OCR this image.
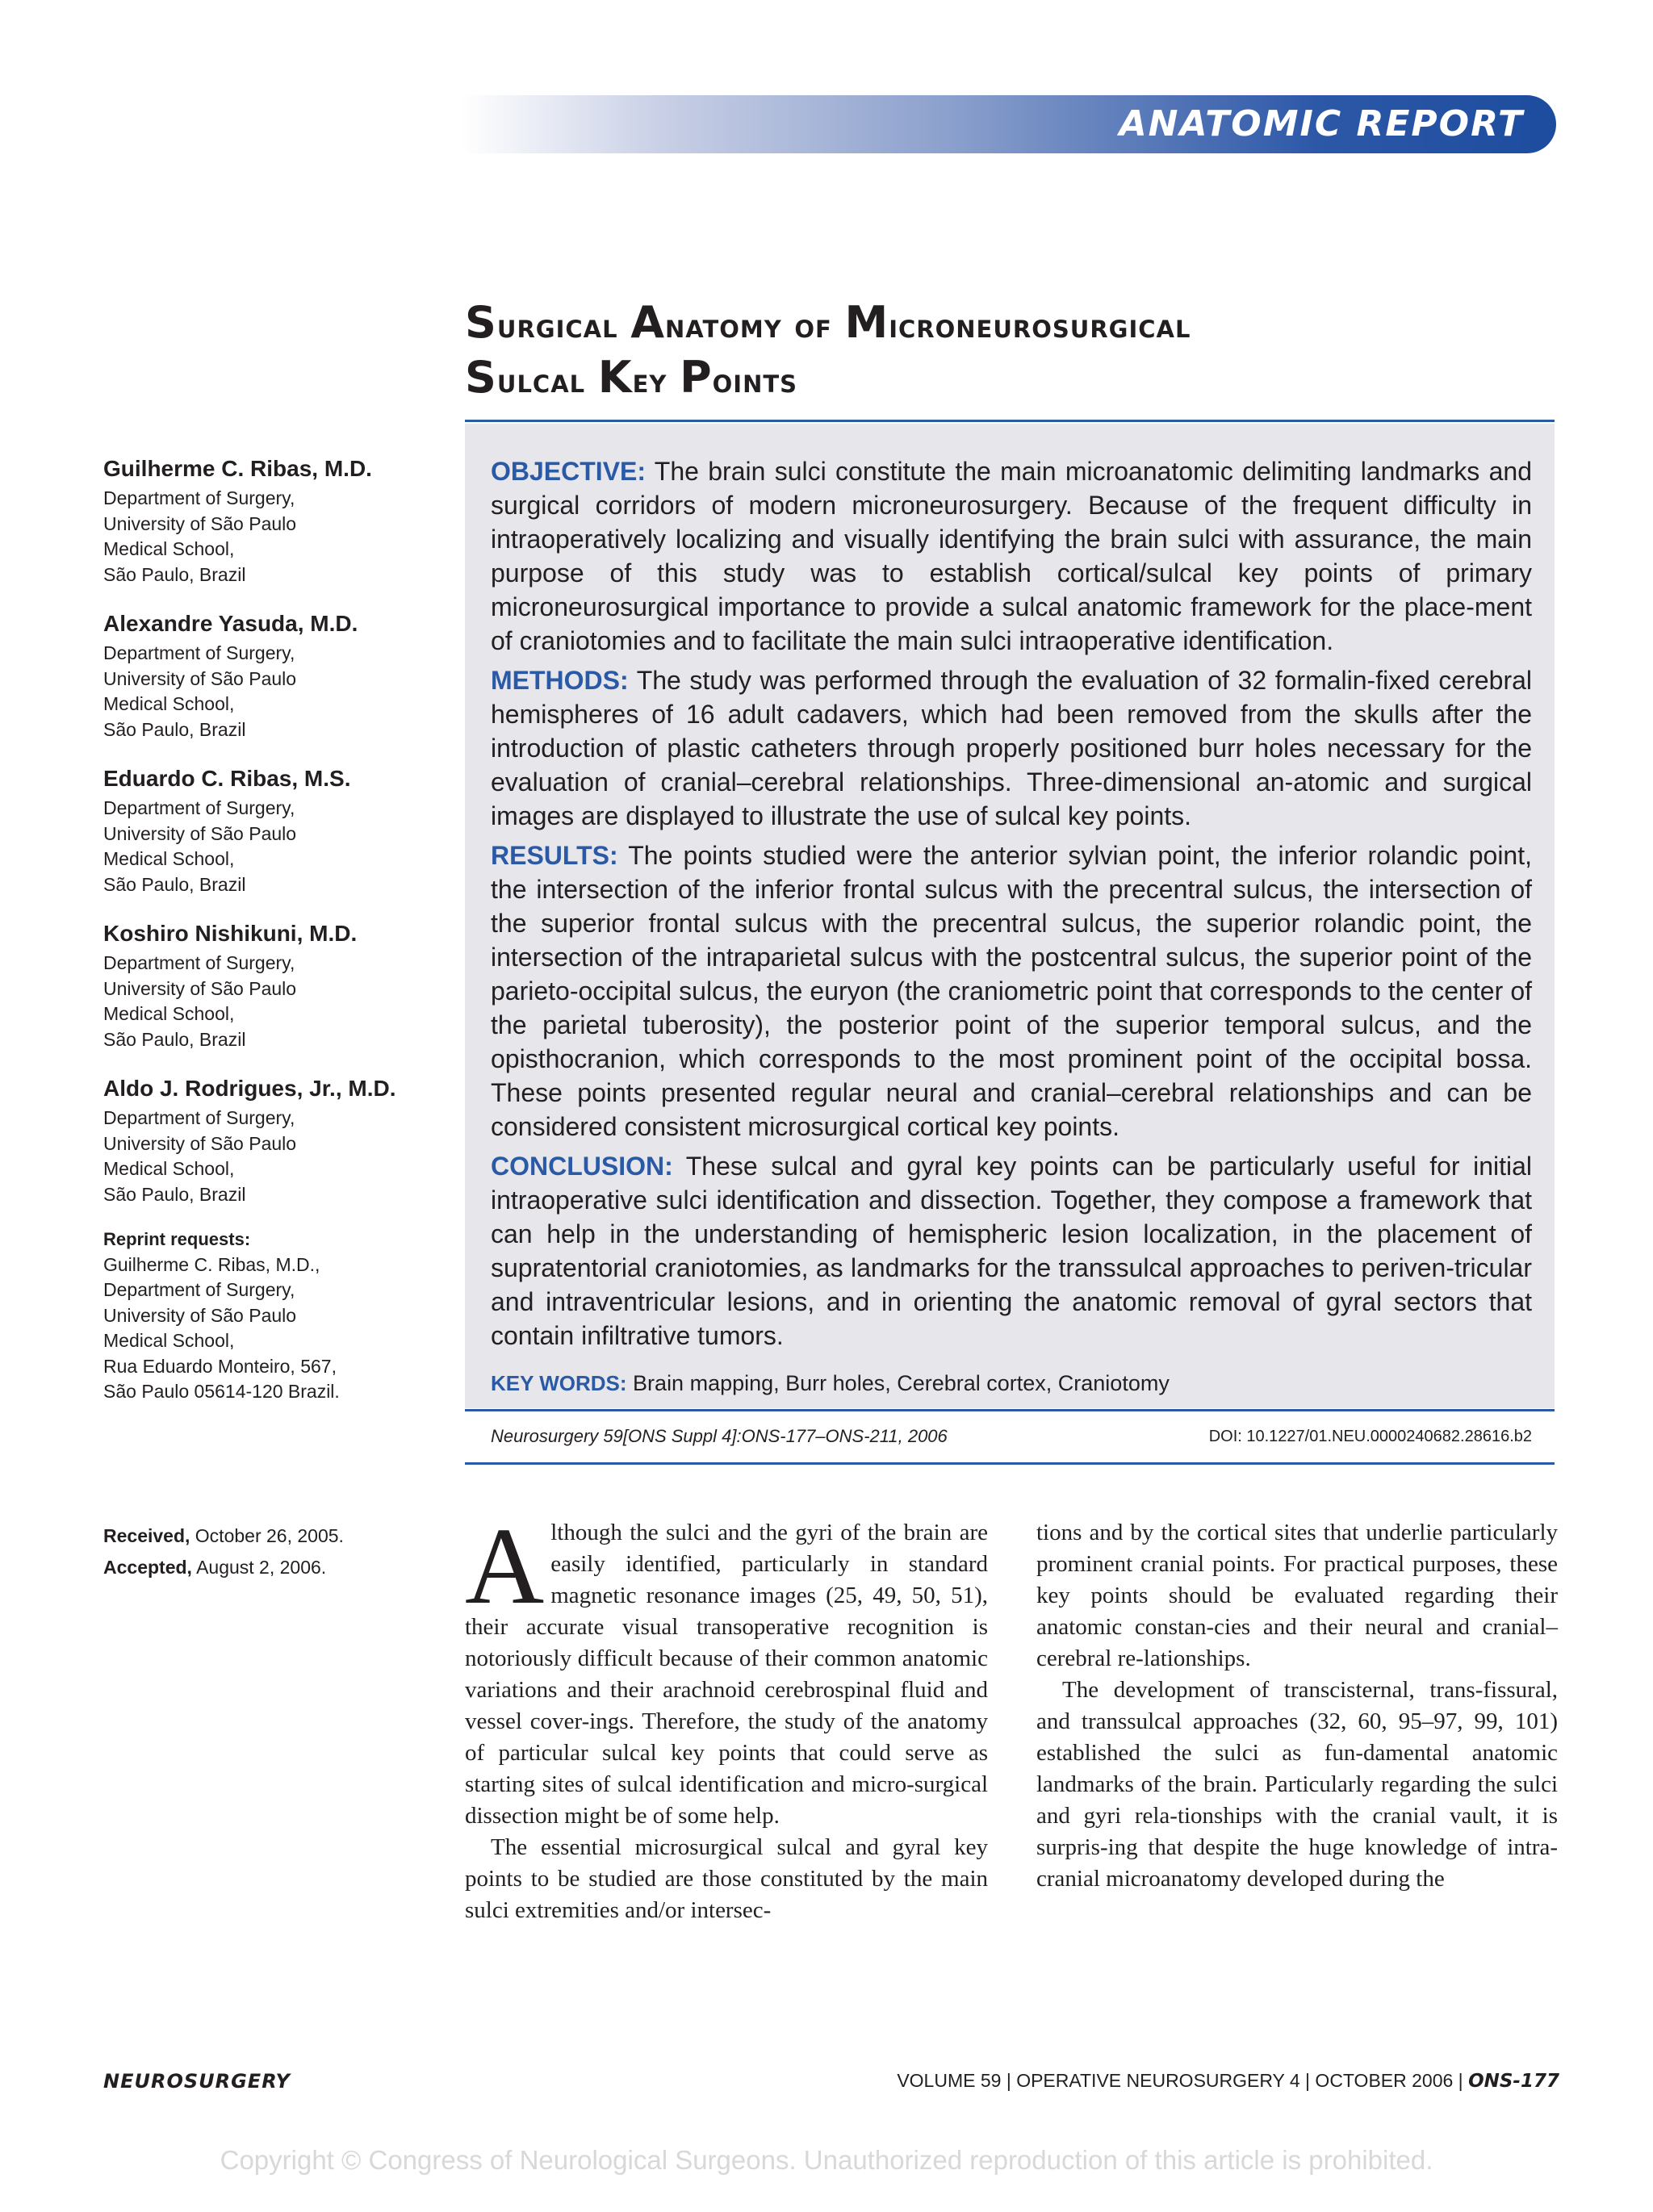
ANATOMIC REPORT
Surgical Anatomy of Microneurosurgical
Sulcal Key Points
Guilherme C. Ribas, M.D.
Department of Surgery,
University of São Paulo
Medical School,
São Paulo, Brazil
Alexandre Yasuda, M.D.
Department of Surgery,
University of São Paulo
Medical School,
São Paulo, Brazil
Eduardo C. Ribas, M.S.
Department of Surgery,
University of São Paulo
Medical School,
São Paulo, Brazil
Koshiro Nishikuni, M.D.
Department of Surgery,
University of São Paulo
Medical School,
São Paulo, Brazil
Aldo J. Rodrigues, Jr., M.D.
Department of Surgery,
University of São Paulo
Medical School,
São Paulo, Brazil
Reprint requests:
Guilherme C. Ribas, M.D.,
Department of Surgery,
University of São Paulo
Medical School,
Rua Eduardo Monteiro, 567,
São Paulo 05614-120 Brazil.
Received, October 26, 2005.
Accepted, August 2, 2006.

OBJECTIVE: The brain sulci constitute the main microanatomic delimiting landmarks and surgical corridors of modern microneurosurgery. Because of the frequent difficulty in intraoperatively localizing and visually identifying the brain sulci with assurance, the main purpose of this study was to establish cortical/sulcal key points of primary microneurosurgical importance to provide a sulcal anatomic framework for the place-ment of craniotomies and to facilitate the main sulci intraoperative identification.

METHODS: The study was performed through the evaluation of 32 formalin-fixed cerebral hemispheres of 16 adult cadavers, which had been removed from the skulls after the introduction of plastic catheters through properly positioned burr holes necessary for the evaluation of cranial–cerebral relationships. Three-dimensional an-atomic and surgical images are displayed to illustrate the use of sulcal key points.

RESULTS: The points studied were the anterior sylvian point, the inferior rolandic point, the intersection of the inferior frontal sulcus with the precentral sulcus, the intersection of the superior frontal sulcus with the precentral sulcus, the superior rolandic point, the intersection of the intraparietal sulcus with the postcentral sulcus, the superior point of the parieto-occipital sulcus, the euryon (the craniometric point that corresponds to the center of the parietal tuberosity), the posterior point of the superior temporal sulcus, and the opisthocranion, which corresponds to the most prominent point of the occipital bossa. These points presented regular neural and cranial–cerebral relationships and can be considered consistent microsurgical cortical key points.

CONCLUSION: These sulcal and gyral key points can be particularly useful for initial intraoperative sulci identification and dissection. Together, they compose a framework that can help in the understanding of hemispheric lesion localization, in the placement of supratentorial craniotomies, as landmarks for the transsulcal approaches to periven-tricular and intraventricular lesions, and in orienting the anatomic removal of gyral sectors that contain infiltrative tumors.

KEY WORDS: Brain mapping, Burr holes, Cerebral cortex, Craniotomy

Neurosurgery 59[ONS Suppl 4]:ONS-177–ONS-211, 2006	DOI: 10.1227/01.NEU.0000240682.28616.b2

Although the sulci and the gyri of the brain are easily identified, particularly in standard magnetic resonance images (25, 49, 50, 51), their accurate visual transoperative recognition is notoriously difficult because of their common anatomic variations and their arachnoid cerebrospinal fluid and vessel cover-ings. Therefore, the study of the anatomy of particular sulcal key points that could serve as starting sites of sulcal identification and micro-surgical dissection might be of some help.

The essential microsurgical sulcal and gyral key points to be studied are those constituted by the main sulci extremities and/or intersec-

tions and by the cortical sites that underlie particularly prominent cranial points. For practical purposes, these key points should be evaluated regarding their anatomic constan-cies and their neural and cranial–cerebral re-lationships.

The development of transcisternal, trans-fissural, and transsulcal approaches (32, 60, 95–97, 99, 101) established the sulci as fun-damental anatomic landmarks of the brain. Particularly regarding the sulci and gyri rela-tionships with the cranial vault, it is surpris-ing that despite the huge knowledge of intra-cranial microanatomy developed during the

NEUROSURGERY	VOLUME 59 | OPERATIVE NEUROSURGERY 4 | OCTOBER 2006 | ONS-177
Copyright © Congress of Neurological Surgeons. Unauthorized reproduction of this article is prohibited.
